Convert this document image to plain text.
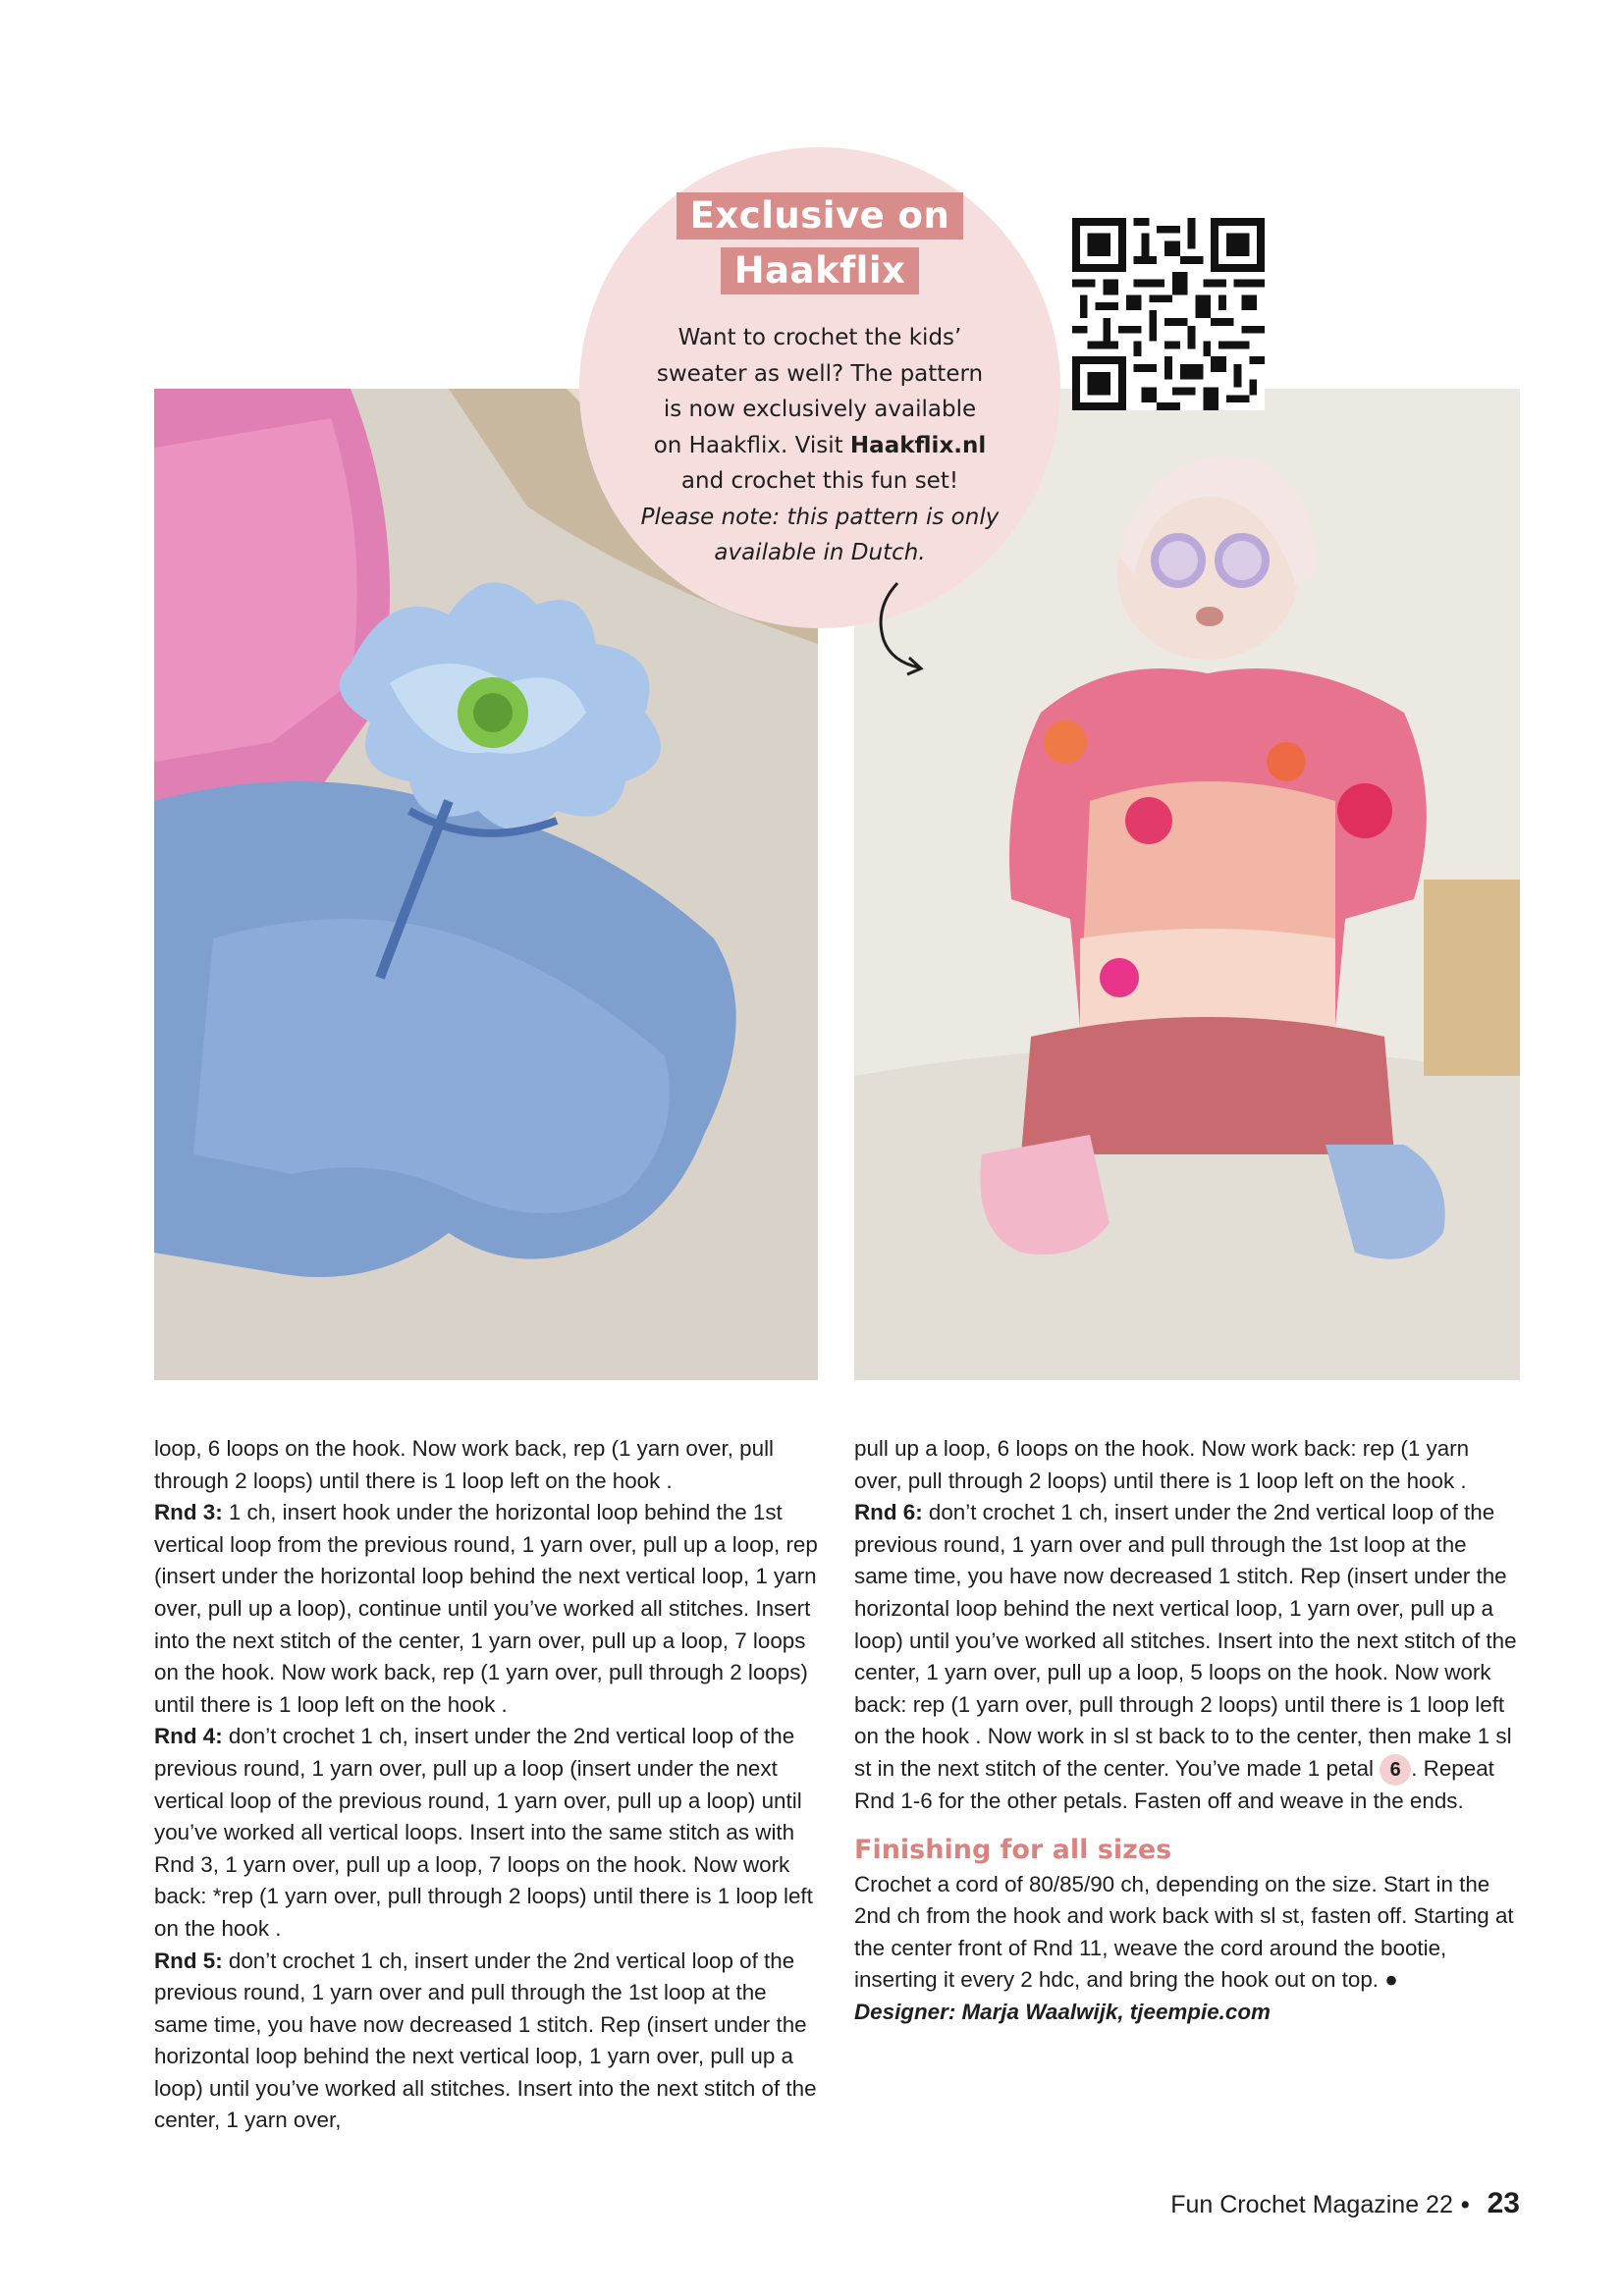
Exclusive on
Haakflix
Want to crochet the kids’
sweater as well? The pattern
is now exclusively available
on Haakflix. Visit Haakflix.nl
and crochet this fun set!
Please note: this pattern is only
available in Dutch.

loop, 6 loops on the hook. Now work back, rep (1 yarn over, pull through 2 loops) until there is 1 loop left on the hook .

Rnd 3: 1 ch, insert hook under the horizontal loop behind the 1st vertical loop from the previous round, 1 yarn over, pull up a loop, rep (insert under the horizontal loop behind the next vertical loop, 1 yarn over, pull up a loop), continue until you’ve worked all stitches. Insert into the next stitch of the center, 1 yarn over, pull up a loop, 7 loops on the hook. Now work back, rep (1 yarn over, pull through 2 loops) until there is 1 loop left on the hook .

Rnd 4: don’t crochet 1 ch, insert under the 2nd vertical loop of the previous round, 1 yarn over, pull up a loop (insert under the next vertical loop of the previous round, 1 yarn over, pull up a loop) until you’ve worked all vertical loops. Insert into the same stitch as with Rnd 3, 1 yarn over, pull up a loop, 7 loops on the hook. Now work back: *rep (1 yarn over, pull through 2 loops) until there is 1 loop left on the hook .

Rnd 5: don’t crochet 1 ch, insert under the 2nd vertical loop of the previous round, 1 yarn over and pull through the 1st loop at the same time, you have now decreased 1 stitch. Rep (insert under the horizontal loop behind the next vertical loop, 1 yarn over, pull up a loop) until you’ve worked all stitches. Insert into the next stitch of the center, 1 yarn over,

pull up a loop, 6 loops on the hook. Now work back: rep (1 yarn over, pull through 2 loops) until there is 1 loop left on the hook .

Rnd 6: don’t crochet 1 ch, insert under the 2nd vertical loop of the previous round, 1 yarn over and pull through the 1st loop at the same time, you have now decreased 1 stitch. Rep (insert under the horizontal loop behind the next vertical loop, 1 yarn over, pull up a loop) until you’ve worked all stitches. Insert into the next stitch of the center, 1 yarn over, pull up a loop, 5 loops on the hook. Now work back: rep (1 yarn over, pull through 2 loops) until there is 1 loop left on the hook . Now work in sl st back to to the center, then make 1 sl st in the next stitch of the center. You’ve made 1 petal 6 . Repeat Rnd 1-6 for the other petals. Fasten off and weave in the ends.

Finishing for all sizes

Crochet a cord of 80/85/90 ch, depending on the size. Start in the 2nd ch from the hook and work back with sl st, fasten off. Starting at the center front of Rnd 11, weave the cord around the bootie, inserting it every 2 hdc, and bring the hook out on top. ●

Designer: Marja Waalwijk, tjeempie.com

Fun Crochet Magazine 22 • 23
